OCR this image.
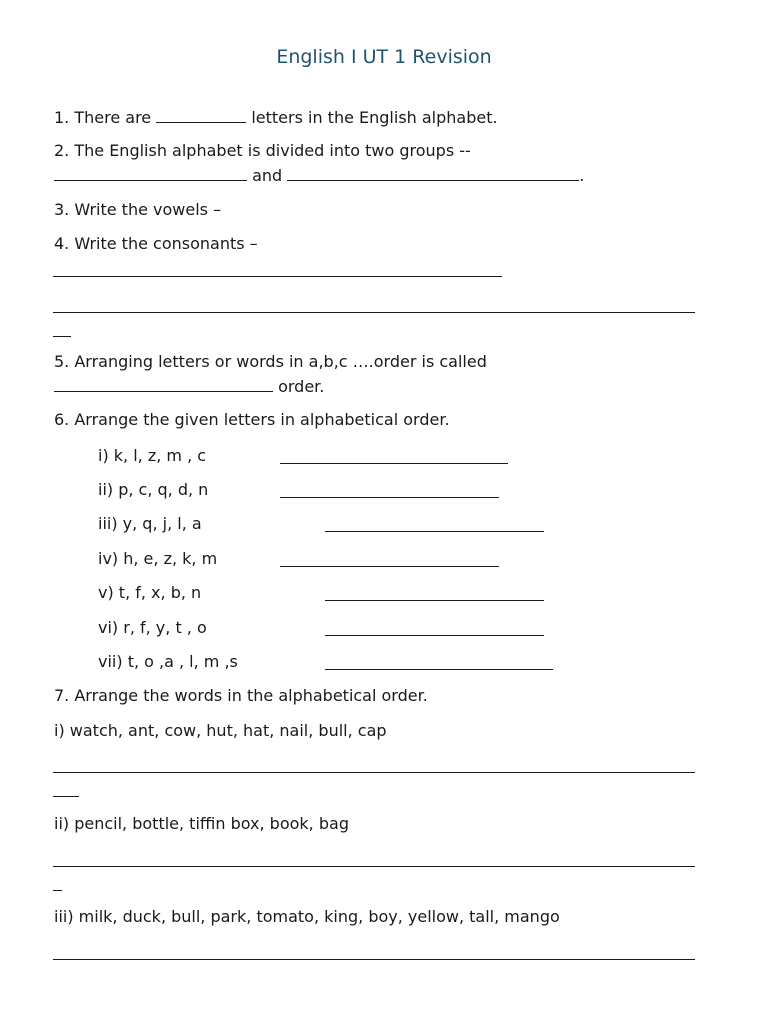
English I UT 1 Revision
1. There are	letters in the English alphabet.
2. The English alphabet is divided into two groups --
and	.
3. Write the vowels –
4. Write the consonants –
5. Arranging letters or words in a,b,c ….order is called
order.
6. Arrange the given letters in alphabetical order.
i) k, l, z, m , c
ii) p, c, q, d, n
iii) y, q, j, l, a
iv) h, e, z, k, m
v) t, f, x, b, n
vi) r, f, y, t , o
vii) t, o ,a , l, m ,s
7. Arrange the words in the alphabetical order.
i) watch, ant, cow, hut, hat, nail, bull, cap
ii) pencil, bottle, tiffin box, book, bag
iii) milk, duck, bull, park, tomato, king, boy, yellow, tall, mango
